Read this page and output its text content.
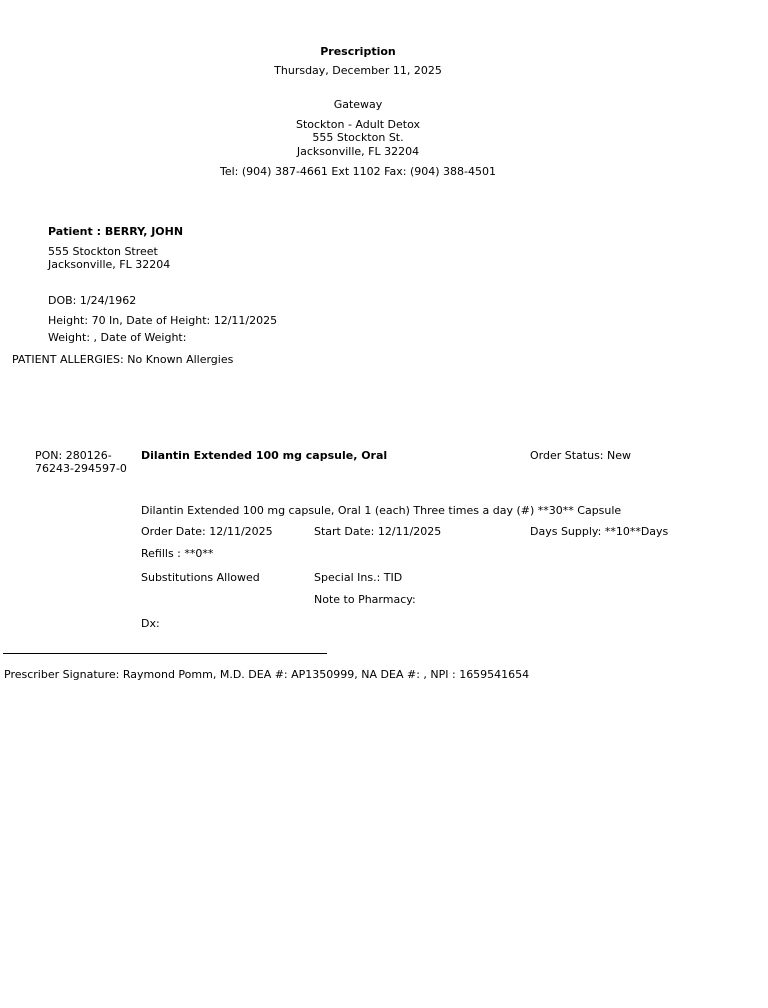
Prescription
Thursday, December 11, 2025
Gateway
Stockton - Adult Detox
555 Stockton St.
Jacksonville, FL 32204
Tel: (904) 387-4661 Ext 1102 Fax: (904) 388-4501
Patient : BERRY, JOHN
555 Stockton Street
Jacksonville, FL 32204
DOB: 1/24/1962
Height: 70 In, Date of Height: 12/11/2025
Weight: , Date of Weight:
PATIENT ALLERGIES: No Known Allergies
PON: 280126-
76243-294597-0
Dilantin Extended 100 mg capsule, Oral	Order Status: New
Dilantin Extended 100 mg capsule, Oral 1 (each) Three times a day (#) **30** Capsule
Order Date: 12/11/2025	Start Date: 12/11/2025	Days Supply: **10**Days
Refills : **0**
Substitutions Allowed	Special Ins.: TID
Note to Pharmacy:
Dx:
Prescriber Signature: Raymond Pomm, M.D. DEA #: AP1350999, NA DEA #: , NPI : 1659541654
